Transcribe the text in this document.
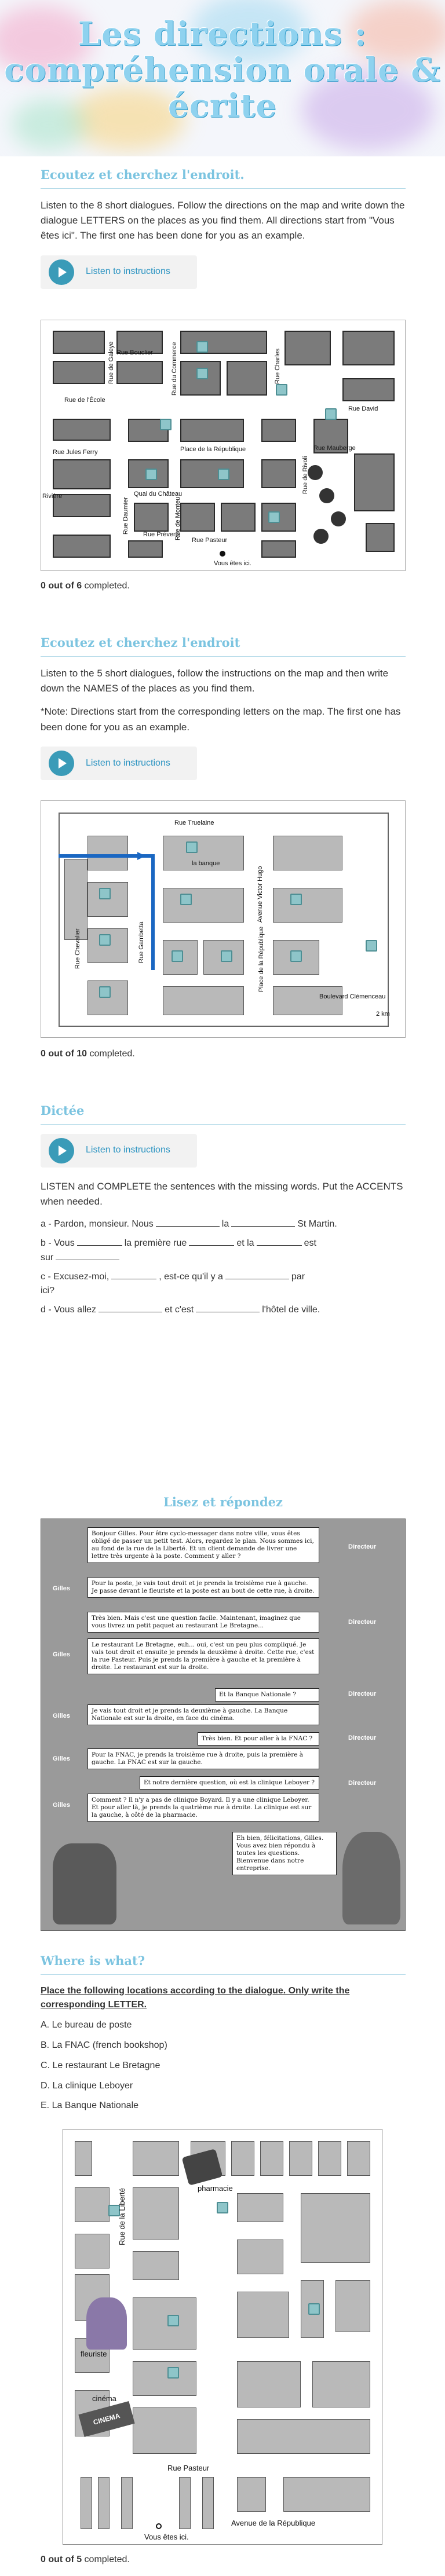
Les directions : compréhension orale & écrite
Ecoutez et cherchez l'endroit.

Listen to the 8 short dialogues. Follow the directions on the map and write down the dialogue LETTERS on the places as you find them. All directions start from "Vous êtes ici". The first one has been done for you as an example.

Listen to instructions
Rue de l'École
Rue Bouclier
Rue de Galeye	Rue du Commerce	Rue Charles
Rue David
Rue Jules Ferry	Place de la République	Rue Mauberge
Rivière	Quai du Château
Rue Daumier Rue Préverts
Rue de Monteu
Rue de Rivoli
Rue Pasteur
Vous êtes ici.
0 out of 6 completed.
Ecoutez et cherchez l'endroit

Listen to the 5 short dialogues, follow the instructions on the map and then write down the NAMES of the places as you find them.

*Note: Directions start from the corresponding letters on the map. The first one has been done for you as an example.

Listen to instructions
Rue Truelaine
la banque
Avenue Victor Hugo
Place de la République
Rue Gambetta
Rue Chevalier
Boulevard Clémenceau
2 km
0 out of 10 completed.
Dictée
Listen to instructions

LISTEN and COMPLETE the sentences with the missing words. Put the ACCENTS when needed.

a - Pardon, monsieur. Nous	la	St Martin.
b - Vous	la première rue	et la	est
sur
c - Excusez-moi,	, est-ce qu'il y a	par
ici?
d - Vous allez	et c'est	l'hôtel de ville.
Lisez et répondez
Bonjour Gilles. Pour être cyclo-messager dans notre ville, vous êtes obligé de passer un petit test. Alors, regardez le plan. Nous sommes ici, au fond de la rue de la Liberté. Et un client demande de livrer une lettre très urgente à la poste. Comment y aller ?
Directeur
Pour la poste, je vais tout droit et je prends la troisième rue à gauche. Je passe devant le fleuriste et la poste est au bout de cette rue, à droite.
Gilles
Très bien. Mais c'est une question facile. Maintenant, imaginez que vous livrez un petit paquet au restaurant Le Bretagne...	Directeur
Le restaurant Le Bretagne, euh... oui, c'est un peu plus compliqué. Je vais tout droit et ensuite je prends la deuxième à droite. Cette rue, c'est la rue Pasteur. Puis je prends la première à gauche et la première à droite. Le restaurant est sur la droite.
Gilles
Et la Banque Nationale ?	Directeur
Je vais tout droit et je prends la deuxième à gauche. La Banque Nationale est sur la droite, en face du cinéma.
Gilles
Très bien. Et pour aller à la FNAC ?	Directeur
Pour la FNAC, je prends la troisième rue à droite, puis la première à gauche. La FNAC est sur la gauche.
Gilles
Et notre dernière question, où est la clinique Leboyer ?	Directeur
Comment ? Il n'y a pas de clinique Boyard. Il y a une clinique Leboyer. Et pour aller là, je prends la quatrième rue à droite. La clinique est sur la gauche, à côté de la pharmacie.
Gilles
Eh bien, félicitations, Gilles. Vous avez bien répondu à toutes les questions. Bienvenue dans notre entreprise.
Where is what?
Place the following locations according to the dialogue. Only write the corresponding LETTER.
A. Le bureau de poste
B. La FNAC (french bookshop)
C. Le restaurant Le Bretagne
D. La clinique Leboyer
E. La Banque Nationale
CINEMA
Rue de la Liberté	pharmacie
fleuriste
cinéma
Rue Pasteur
Avenue de la République
Vous êtes ici.
0 out of 5 completed.
